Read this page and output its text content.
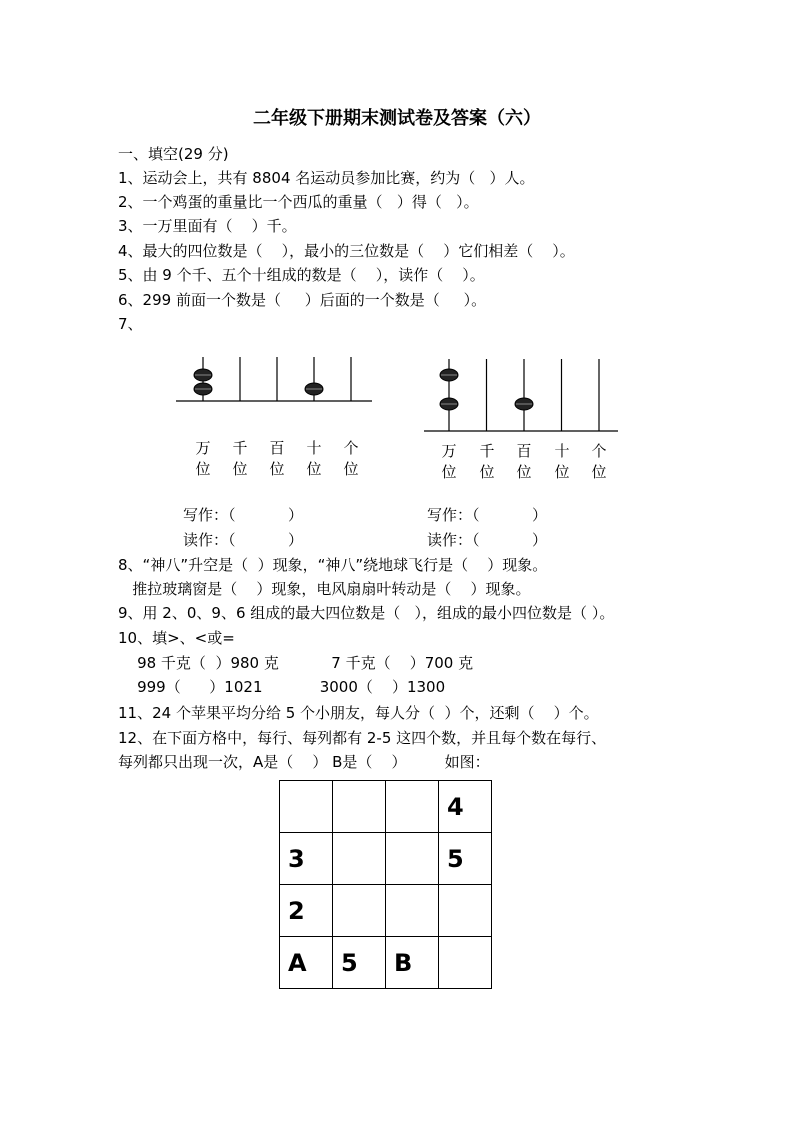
二年级下册期末测试卷及答案（六）
一、填空(29 分)
1、运动会上，共有 8804 名运动员参加比赛，约为（   ）人。
2、一个鸡蛋的重量比一个西瓜的重量（   ）得（   ）。
3、一万里面有（    ）千。
4、最大的四位数是（    ），最小的三位数是（    ）它们相差（    ）。
5、由 9 个千、五个十组成的数是（    ），读作（    ）。
6、299 前面一个数是（     ）后面的一个数是（     ）。
7、
万 千 百 十 个
位 位 位 位 位
万 千 百 十 个
位 位 位 位 位
写作：（           ）
读作：（           ）
写作：（           ）
读作：（           ）
8、“神八”升空是（  ）现象，“神八”绕地球飞行是（    ）现象。
推拉玻璃窗是（    ）现象，电风扇扇叶转动是（    ）现象。
9、用 2、0、9、6 组成的最大四位数是（   ），组成的最小四位数是（ ）。
10、填>、<或=
98 千克（  ）980 克           7 千克（    ）700 克
999（      ）1021            3000（    ）1300
11、24 个苹果平均分给 5 个小朋友，每人分（  ）个，还剩（    ）个。
12、在下面方格中，每行、每列都有 2-5 这四个数，并且每个数在每行、
每列都只出现一次，A是（    ） B是（    ）        如图：
			4
3			5
2			
A	5	B	
